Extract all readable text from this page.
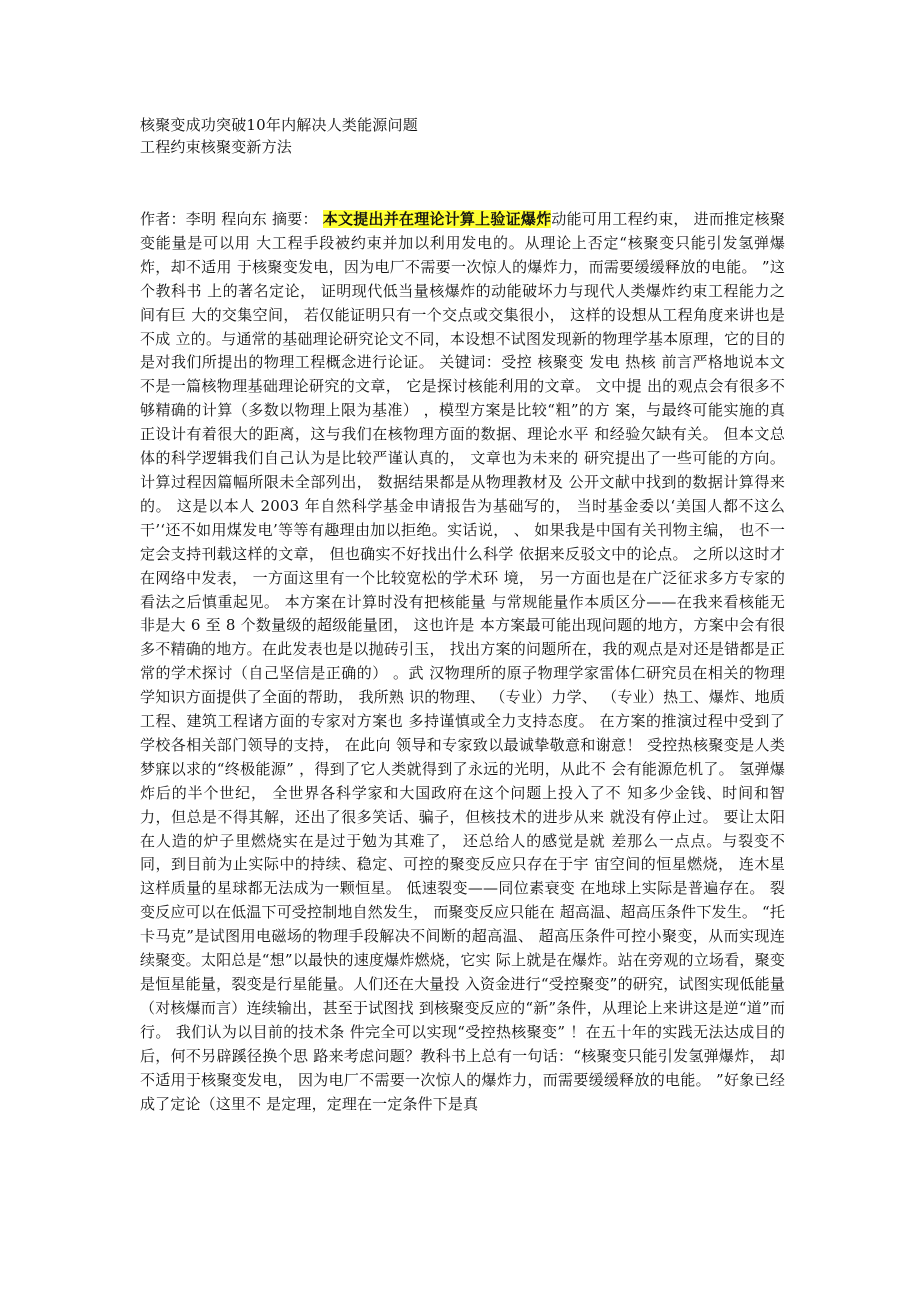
核聚变成功突破10年内解决人类能源问题
工程约束核聚变新方法
作者：李明 程向东 摘要： 本文提出并在理论计算上验证爆炸动能可用工程约束， 进而推定核聚变能量是可以用 大工程手段被约束并加以利用发电的。从理论上否定“核聚变只能引发氢弹爆炸，却不适用 于核聚变发电，因为电厂不需要一次惊人的爆炸力，而需要缓缓释放的电能。 ”这个教科书 上的著名定论， 证明现代低当量核爆炸的动能破坏力与现代人类爆炸约束工程能力之间有巨 大的交集空间， 若仅能证明只有一个交点或交集很小， 这样的设想从工程角度来讲也是不成 立的。与通常的基础理论研究论文不同，本设想不试图发现新的物理学基本原理，它的目的 是对我们所提出的物理工程概念进行论证。 关键词：受控 核聚变 发电 热核 前言严格地说本文不是一篇核物理基础理论研究的文章， 它是探讨核能利用的文章。 文中提 出的观点会有很多不够精确的计算（多数以物理上限为基准） ，模型方案是比较“粗”的方 案，与最终可能实施的真正设计有着很大的距离，这与我们在核物理方面的数据、理论水平 和经验欠缺有关。 但本文总体的科学逻辑我们自己认为是比较严谨认真的， 文章也为未来的 研究提出了一些可能的方向。 计算过程因篇幅所限未全部列出， 数据结果都是从物理教材及 公开文献中找到的数据计算得来的。 这是以本人 2003 年自然科学基金申请报告为基础写的， 当时基金委以‘美国人都不这么干’‘还不如用煤发电’等等有趣理由加以拒绝。实话说， 、 如果我是中国有关刊物主编， 也不一定会支持刊载这样的文章， 但也确实不好找出什么科学 依据来反驳文中的论点。 之所以这时才在网络中发表， 一方面这里有一个比较宽松的学术环 境， 另一方面也是在广泛征求多方专家的看法之后慎重起见。 本方案在计算时没有把核能量 与常规能量作本质区分——在我来看核能无非是大 6 至 8 个数量级的超级能量团， 这也许是 本方案最可能出现问题的地方，方案中会有很多不精确的地方。在此发表也是以抛砖引玉， 找出方案的问题所在，我的观点是对还是错都是正常的学术探讨（自己坚信是正确的） 。武 汉物理所的原子物理学家雷体仁研究员在相关的物理学知识方面提供了全面的帮助， 我所熟 识的物理、 （专业）力学、 （专业）热工、爆炸、地质工程、建筑工程诸方面的专家对方案也 多持谨慎或全力支持态度。 在方案的推演过程中受到了学校各相关部门领导的支持， 在此向 领导和专家致以最诚挚敬意和谢意！ 受控热核聚变是人类梦寐以求的“终极能源” ，得到了它人类就得到了永远的光明，从此不 会有能源危机了。 氢弹爆炸后的半个世纪， 全世界各科学家和大国政府在这个问题上投入了不 知多少金钱、时间和智力，但总是不得其解，还出了很多笑话、骗子，但核技术的进步从来 就没有停止过。 要让太阳在人造的炉子里燃烧实在是过于勉为其难了， 还总给人的感觉是就 差那么一点点。与裂变不同，到目前为止实际中的持续、稳定、可控的聚变反应只存在于宇 宙空间的恒星燃烧， 连木星这样质量的星球都无法成为一颗恒星。 低速裂变——同位素衰变 在地球上实际是普遍存在。 裂变反应可以在低温下可受控制地自然发生， 而聚变反应只能在 超高温、超高压条件下发生。 “托卡马克”是试图用电磁场的物理手段解决不间断的超高温、 超高压条件可控小聚变，从而实现连续聚变。太阳总是“想”以最快的速度爆炸燃烧，它实 际上就是在爆炸。站在旁观的立场看，聚变是恒星能量，裂变是行星能量。人们还在大量投 入资金进行“受控聚变”的研究，试图实现低能量（对核爆而言）连续输出，甚至于试图找 到核聚变反应的“新”条件，从理论上来讲这是逆“道”而行。 我们认为以目前的技术条 件完全可以实现“受控热核聚变” ！在五十年的实践无法达成目的后，何不另辟蹊径换个思 路来考虑问题？教科书上总有一句话：“核聚变只能引发氢弹爆炸， 却不适用于核聚变发电， 因为电厂不需要一次惊人的爆炸力，而需要缓缓释放的电能。 ”好象已经成了定论（这里不 是定理，定理在一定条件下是真
